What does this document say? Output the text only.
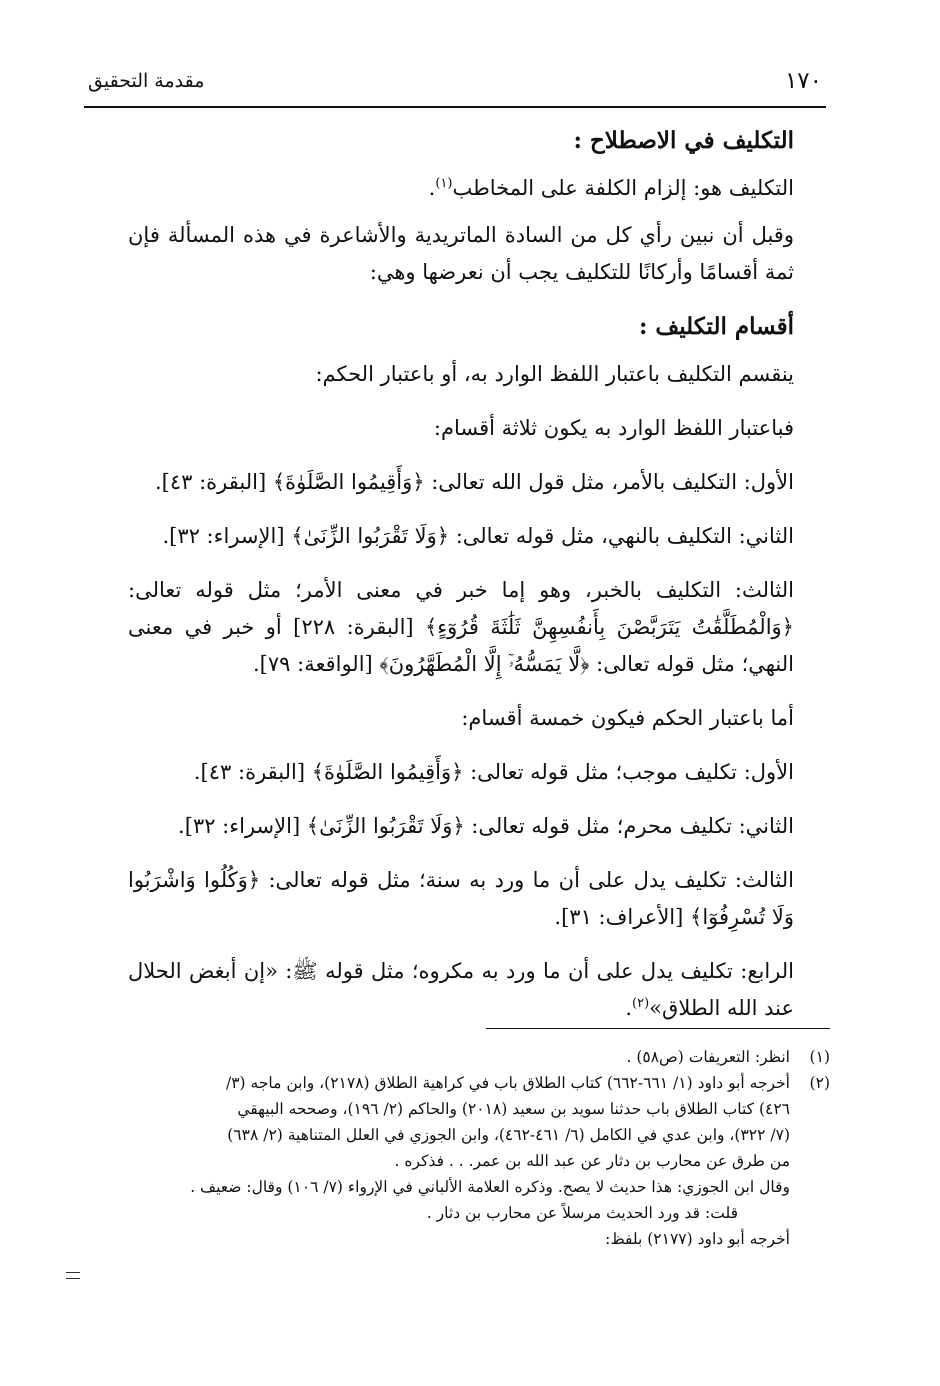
١٧٠
مقدمة التحقيق
التكليف في الاصطلاح :

التكليف هو: إلزام الكلفة على المخاطب$^{(١)}$.

وقبل أن نبين رأي كل من السادة الماتريدية والأشاعرة في هذه المسألة فإن ثمة أقسامًا وأركانًا للتكليف يجب أن نعرضها وهي:

أقسام التكليف :

ينقسم التكليف باعتبار اللفظ الوارد به، أو باعتبار الحكم:

فباعتبار اللفظ الوارد به يكون ثلاثة أقسام:

الأول: التكليف بالأمر، مثل قول الله تعالى: ﴿وَأَقِيمُوا الصَّلَوٰةَ﴾ [البقرة: ٤٣].

الثاني: التكليف بالنهي، مثل قوله تعالى: ﴿وَلَا تَقْرَبُوا الزِّنَىٰ﴾ [الإسراء: ٣٢].

الثالث: التكليف بالخبر، وهو إما خبر في معنى الأمر؛ مثل قوله تعالى: ﴿وَالْمُطَلَّقَٰتُ يَتَرَبَّصْنَ بِأَنفُسِهِنَّ ثَلَٰثَةَ قُرُوٓءٍ﴾ [البقرة: ٢٢٨] أو خبر في معنى النهي؛ مثل قوله تعالى: ﴿لَّا يَمَسُّهُۥٓ إِلَّا الْمُطَهَّرُونَ﴾ [الواقعة: ٧٩].

أما باعتبار الحكم فيكون خمسة أقسام:

الأول: تكليف موجب؛ مثل قوله تعالى: ﴿وَأَقِيمُوا الصَّلَوٰةَ﴾ [البقرة: ٤٣].

الثاني: تكليف محرم؛ مثل قوله تعالى: ﴿وَلَا تَقْرَبُوا الزِّنَىٰ﴾ [الإسراء: ٣٢].

الثالث: تكليف يدل على أن ما ورد به سنة؛ مثل قوله تعالى: ﴿وَكُلُوا وَاشْرَبُوا وَلَا تُسْرِفُوٓا﴾ [الأعراف: ٣١].

الرابع: تكليف يدل على أن ما ورد به مكروه؛ مثل قوله ﷺ: «إن أبغض الحلال عند الله الطلاق»$^{(٢)}$.

(١)
انظر: التعريفات (ص٥٨) .
(٢)
أخرجه أبو داود (١/ ٦٦١-٦٦٢) كتاب الطلاق باب في كراهية الطلاق (٢١٧٨)، وابن ماجه (٣/
٤٢٦) كتاب الطلاق باب حدثنا سويد بن سعيد (٢٠١٨) والحاكم (٢/ ١٩٦)، وصححه البيهقي
(٧/ ٣٢٢)، وابن عدي في الكامل (٦/ ٤٦١-٤٦٢)، وابن الجوزي في العلل المتناهية (٢/ ٦٣٨)
من طرق عن محارب بن دثار عن عبد الله بن عمر. . . فذكره .
وقال ابن الجوزي: هذا حديث لا يصح. وذكره العلامة الألباني في الإرواء (٧/ ١٠٦) وقال: ضعيف .
قلت: قد ورد الحديث مرسلاً عن محارب بن دثار .
أخرجه أبو داود (٢١٧٧) بلفظ:
